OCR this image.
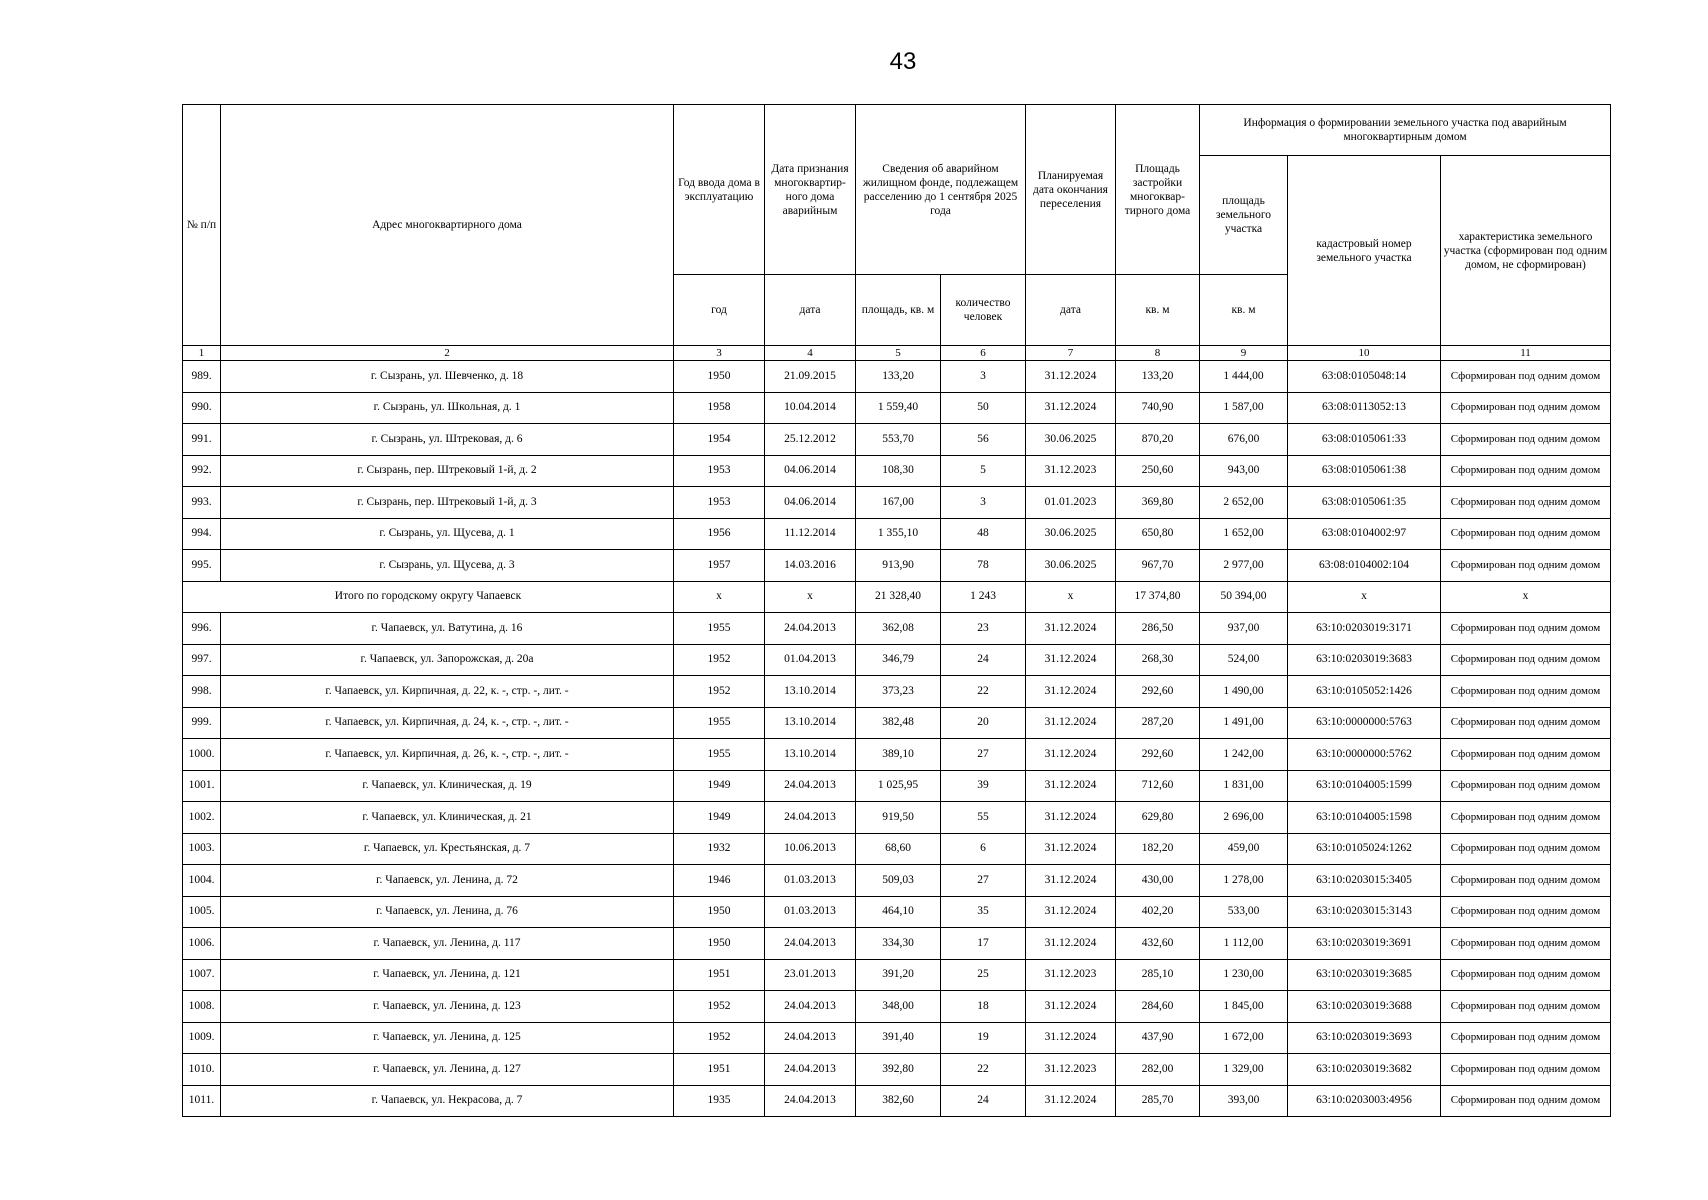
43
№ п/п	Адрес многоквартирного дома	Год ввода дома в эксплуатацию	Дата признания многоквартир-ного дома аварийным	Сведения об аварийном жилищном фонде, подлежащем расселению до 1 сентября 2025 года		Планируемая дата окончания переселения	Площадь застройки многоквар-тирного дома	Информация о формировании земельного участка под аварийным многоквартирным домом		
								площадь земельного участка	кадастровый номер земельного участка	характеристика земельного участка (сформирован под одним домом, не сформирован)
		год	дата	площадь, кв. м	количество человек	дата	кв. м	кв. м		
1	2	3	4	5	6	7	8	9	10	11
989.	г. Сызрань, ул. Шевченко, д. 18	1950	21.09.2015	133,20	3	31.12.2024	133,20	1 444,00	63:08:0105048:14	Сформирован под одним домом
990.	г. Сызрань, ул. Школьная, д. 1	1958	10.04.2014	1 559,40	50	31.12.2024	740,90	1 587,00	63:08:0113052:13	Сформирован под одним домом
991.	г. Сызрань, ул. Штрековая, д. 6	1954	25.12.2012	553,70	56	30.06.2025	870,20	676,00	63:08:0105061:33	Сформирован под одним домом
992.	г. Сызрань, пер. Штрековый 1-й, д. 2	1953	04.06.2014	108,30	5	31.12.2023	250,60	943,00	63:08:0105061:38	Сформирован под одним домом
993.	г. Сызрань, пер. Штрековый 1-й, д. 3	1953	04.06.2014	167,00	3	01.01.2023	369,80	2 652,00	63:08:0105061:35	Сформирован под одним домом
994.	г. Сызрань, ул. Щусева, д. 1	1956	11.12.2014	1 355,10	48	30.06.2025	650,80	1 652,00	63:08:0104002:97	Сформирован под одним домом
995.	г. Сызрань, ул. Щусева, д. 3	1957	14.03.2016	913,90	78	30.06.2025	967,70	2 977,00	63:08:0104002:104	Сформирован под одним домом
Итого по городскому округу Чапаевск		х	х	21 328,40	1 243	х	17 374,80	50 394,00	х	х
996.	г. Чапаевск, ул. Ватутина, д. 16	1955	24.04.2013	362,08	23	31.12.2024	286,50	937,00	63:10:0203019:3171	Сформирован под одним домом
997.	г. Чапаевск, ул. Запорожская, д. 20а	1952	01.04.2013	346,79	24	31.12.2024	268,30	524,00	63:10:0203019:3683	Сформирован под одним домом
998.	г. Чапаевск, ул. Кирпичная, д. 22, к. -, стр. -, лит. -	1952	13.10.2014	373,23	22	31.12.2024	292,60	1 490,00	63:10:0105052:1426	Сформирован под одним домом
999.	г. Чапаевск, ул. Кирпичная, д. 24, к. -, стр. -, лит. -	1955	13.10.2014	382,48	20	31.12.2024	287,20	1 491,00	63:10:0000000:5763	Сформирован под одним домом
1000.	г. Чапаевск, ул. Кирпичная, д. 26, к. -, стр. -, лит. -	1955	13.10.2014	389,10	27	31.12.2024	292,60	1 242,00	63:10:0000000:5762	Сформирован под одним домом
1001.	г. Чапаевск, ул. Клиническая, д. 19	1949	24.04.2013	1 025,95	39	31.12.2024	712,60	1 831,00	63:10:0104005:1599	Сформирован под одним домом
1002.	г. Чапаевск, ул. Клиническая, д. 21	1949	24.04.2013	919,50	55	31.12.2024	629,80	2 696,00	63:10:0104005:1598	Сформирован под одним домом
1003.	г. Чапаевск, ул. Крестьянская, д. 7	1932	10.06.2013	68,60	6	31.12.2024	182,20	459,00	63:10:0105024:1262	Сформирован под одним домом
1004.	г. Чапаевск, ул. Ленина, д. 72	1946	01.03.2013	509,03	27	31.12.2024	430,00	1 278,00	63:10:0203015:3405	Сформирован под одним домом
1005.	г. Чапаевск, ул. Ленина, д. 76	1950	01.03.2013	464,10	35	31.12.2024	402,20	533,00	63:10:0203015:3143	Сформирован под одним домом
1006.	г. Чапаевск, ул. Ленина, д. 117	1950	24.04.2013	334,30	17	31.12.2024	432,60	1 112,00	63:10:0203019:3691	Сформирован под одним домом
1007.	г. Чапаевск, ул. Ленина, д. 121	1951	23.01.2013	391,20	25	31.12.2023	285,10	1 230,00	63:10:0203019:3685	Сформирован под одним домом
1008.	г. Чапаевск, ул. Ленина, д. 123	1952	24.04.2013	348,00	18	31.12.2024	284,60	1 845,00	63:10:0203019:3688	Сформирован под одним домом
1009.	г. Чапаевск, ул. Ленина, д. 125	1952	24.04.2013	391,40	19	31.12.2024	437,90	1 672,00	63:10:0203019:3693	Сформирован под одним домом
1010.	г. Чапаевск, ул. Ленина, д. 127	1951	24.04.2013	392,80	22	31.12.2023	282,00	1 329,00	63:10:0203019:3682	Сформирован под одним домом
1011.	г. Чапаевск, ул. Некрасова, д. 7	1935	24.04.2013	382,60	24	31.12.2024	285,70	393,00	63:10:0203003:4956	Сформирован под одним домом
